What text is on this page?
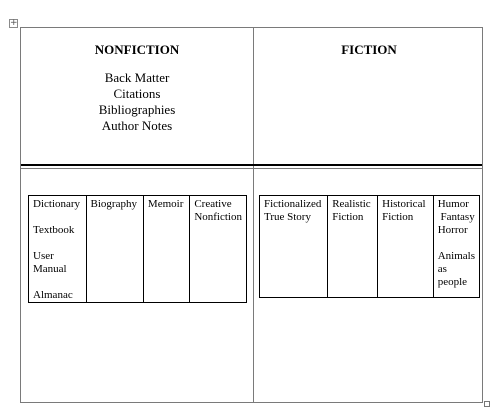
+
NONFICTION
Back Matter
Citations
Bibliographies
Author Notes
FICTION
Dictionary
Textbook
User
Manual
Almanac

Biography	Memoir	Creative
Nonfiction
Fictionalized
True Story

Realistic
Fiction

Historical
Fiction

Humor
Fantasy
Horror
Animals
as
people
